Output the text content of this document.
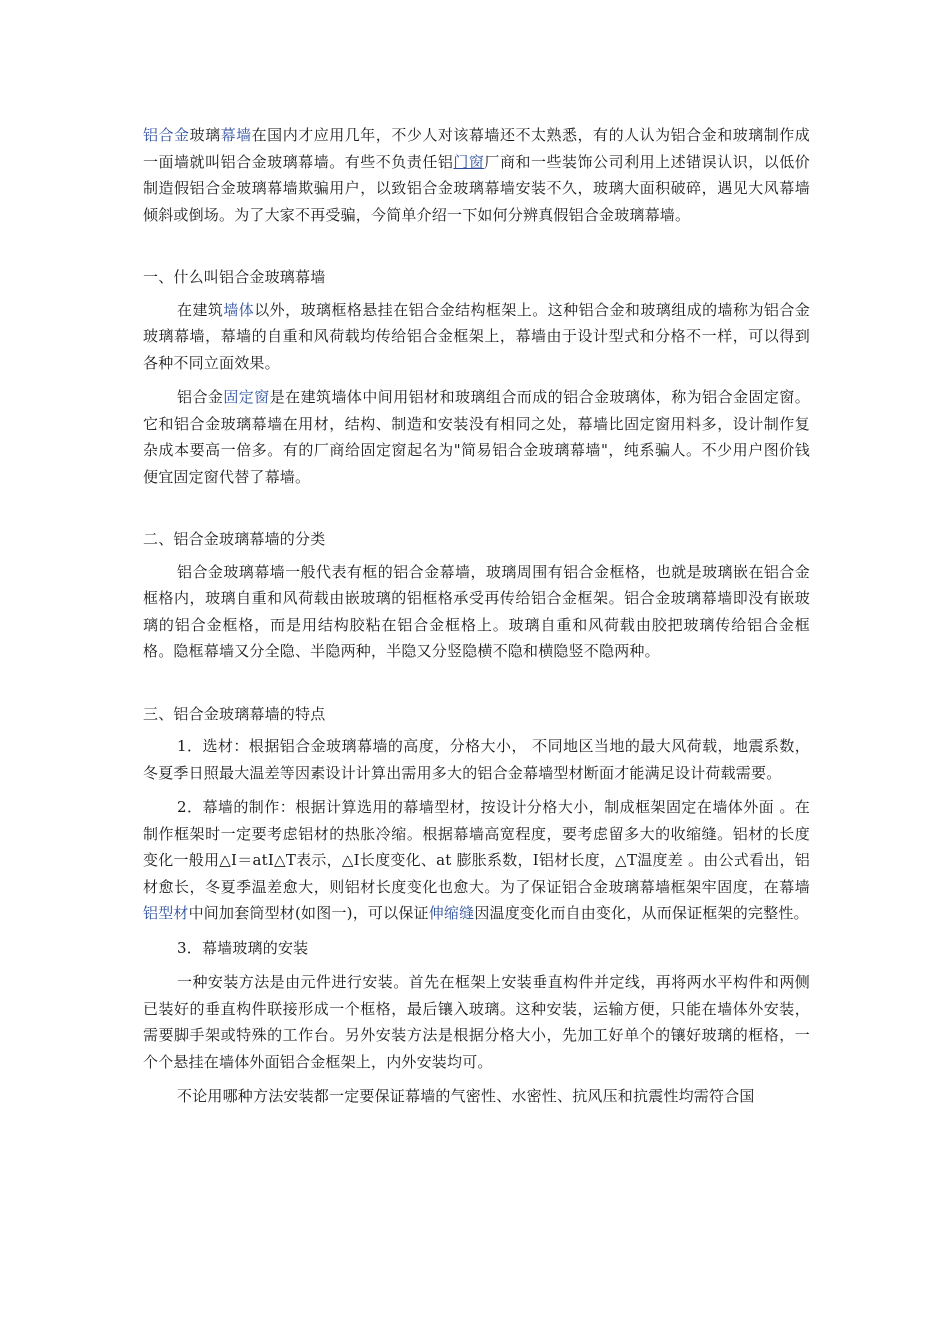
铝合金玻璃幕墙在国内才应用几年，不少人对该幕墙还不太熟悉，有的人认为铝合金和玻璃制作成一面墙就叫铝合金玻璃幕墙。有些不负责任铝门窗厂商和一些装饰公司利用上述错误认识，以低价制造假铝合金玻璃幕墙欺骗用户，以致铝合金玻璃幕墙安装不久，玻璃大面积破碎，遇见大风幕墙倾斜或倒场。为了大家不再受骗，今简单介绍一下如何分辨真假铝合金玻璃幕墙。

一、什么叫铝合金玻璃幕墙

在建筑墙体以外，玻璃框格悬挂在铝合金结构框架上。这种铝合金和玻璃组成的墙称为铝合金玻璃幕墙，幕墙的自重和风荷载均传给铝合金框架上，幕墙由于设计型式和分格不一样，可以得到各种不同立面效果。

铝合金固定窗是在建筑墙体中间用铝材和玻璃组合而成的铝合金玻璃体，称为铝合金固定窗。它和铝合金玻璃幕墙在用材，结构、制造和安装没有相同之处，幕墙比固定窗用料多，设计制作复杂成本要高一倍多。有的厂商给固定窗起名为"简易铝合金玻璃幕墙"，纯系骗人。不少用户图价钱便宜固定窗代替了幕墙。

二、铝合金玻璃幕墙的分类

铝合金玻璃幕墙一般代表有框的铝合金幕墙，玻璃周围有铝合金框格，也就是玻璃嵌在铝合金框格内，玻璃自重和风荷载由嵌玻璃的铝框格承受再传给铝合金框架。铝合金玻璃幕墙即没有嵌玻璃的铝合金框格，而是用结构胶粘在铝合金框格上。玻璃自重和风荷载由胶把玻璃传给铝合金框格。隐框幕墙又分全隐、半隐两种，半隐又分竖隐横不隐和横隐竖不隐两种。

三、铝合金玻璃幕墙的特点

1．选材：根据铝合金玻璃幕墙的高度，分格大小， 不同地区当地的最大风荷载，地震系数，冬夏季日照最大温差等因素设计计算出需用多大的铝合金幕墙型材断面才能满足设计荷载需要。

2．幕墙的制作：根据计算选用的幕墙型材，按设计分格大小，制成框架固定在墙体外面 。在制作框架时一定要考虑铝材的热胀冷缩。根据幕墙高宽程度，要考虑留多大的收缩缝。铝材的长度变化一般用△I＝atI△T表示，△I长度变化、at 膨胀系数，I铝材长度，△T温度差 。由公式看出，铝材愈长，冬夏季温差愈大，则铝材长度变化也愈大。为了保证铝合金玻璃幕墙框架牢固度，在幕墙铝型材中间加套筒型材(如图一)，可以保证伸缩缝因温度变化而自由变化，从而保证框架的完整性。

3．幕墙玻璃的安装

一种安装方法是由元件进行安装。首先在框架上安装垂直构件并定线，再将两水平构件和两侧已装好的垂直构件联接形成一个框格，最后镶入玻璃。这种安装，运输方便，只能在墙体外安装，需要脚手架或特殊的工作台。另外安装方法是根据分格大小，先加工好单个的镶好玻璃的框格，一个个悬挂在墙体外面铝合金框架上，内外安装均可。

不论用哪种方法安装都一定要保证幕墙的气密性、水密性、抗风压和抗震性均需符合国
